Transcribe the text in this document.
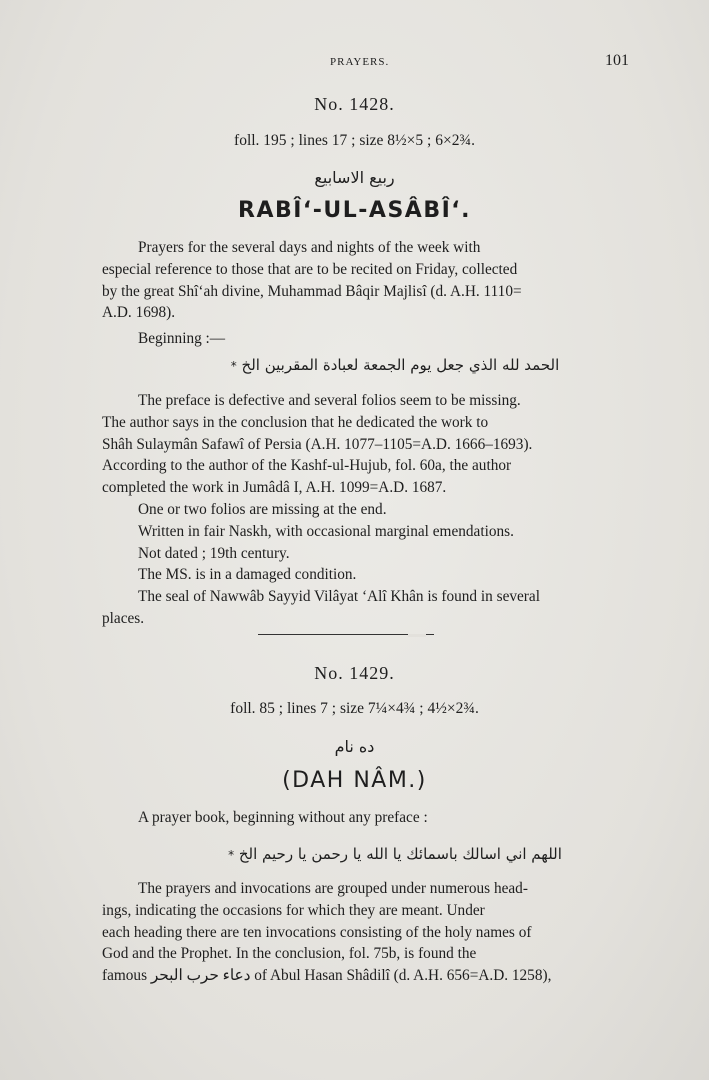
PRAYERS.	101
No. 1428.
foll. 195 ; lines 17 ; size 8½×5 ; 6×2¾.
ربيع الاسابيع
RABÎ‘-UL-ASÂBÎ‘.
Prayers for the several days and nights of the week with
especial reference to those that are to be recited on Friday, collected
by the great Shî‘ah divine, Muhammad Bâqir Majlisî (d. A.H. 1110=
A.D. 1698).
Beginning :—
الحمد لله الذي جعل يوم الجمعة لعبادة المقربين الخ *
The preface is defective and several folios seem to be missing.
The author says in the conclusion that he dedicated the work to
Shâh Sulaymân Safawî of Persia (A.H. 1077–1105=A.D. 1666–1693).
According to the author of the Kashf-ul-Hujub, fol. 60a, the author
completed the work in Jumâdâ I, A.H. 1099=A.D. 1687.
One or two folios are missing at the end.
Written in fair Naskh, with occasional marginal emendations.
Not dated ; 19th century.
The MS. is in a damaged condition.
The seal of Nawwâb Sayyid Vilâyat ‘Alî Khân is found in several
places.
No. 1429.
foll. 85 ; lines 7 ; size 7¼×4¾ ; 4½×2¾.
ده نام
(DAH NÂM.)
A prayer book, beginning without any preface :
اللهم اني اسالك باسمائك يا الله يا رحمن يا رحيم الخ *
The prayers and invocations are grouped under numerous head-
ings, indicating the occasions for which they are meant. Under
each heading there are ten invocations consisting of the holy names of
God and the Prophet. In the conclusion, fol. 75b, is found the
famous دعاء حرب البحر of Abul Hasan Shâdilî (d. A.H. 656=A.D. 1258),
